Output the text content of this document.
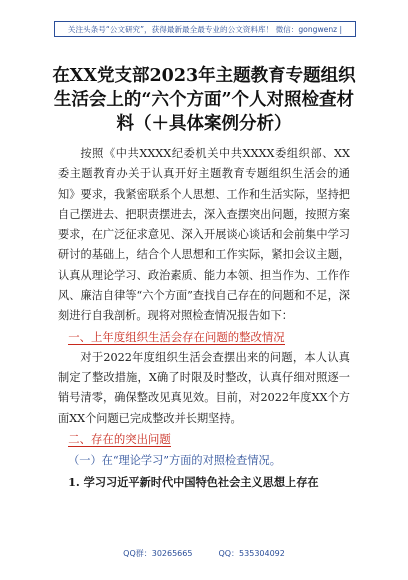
关注头条号“公文研究”，获得最新最全最专业的公文资料库！ 微信：gongwenz |
在XX党支部2023年主题教育专题组织生活会上的“六个方面”个人对照检查材料（＋具体案例分析）

按照《中共XXXX纪委机关中共XXXX委组织部、XX委主题教育办关于认真开好主题教育专题组织生活会的通知》要求，我紧密联系个人思想、工作和生活实际，坚持把自己摆进去、把职责摆进去，深入查摆突出问题，按照方案要求，在广泛征求意见、深入开展谈心谈话和会前集中学习研讨的基础上，结合个人思想和工作实际，紧扣会议主题，认真从理论学习、政治素质、能力本领、担当作为、工作作风、廉洁自律等“六个方面”查找自己存在的问题和不足，深刻进行自我剖析。现将对照检查情况报告如下：

一、上年度组织生活会存在问题的整改情况

对于2022年度组织生活会查摆出来的问题，本人认真制定了整改措施，X确了时限及时整改，认真仔细对照逐一销号清零，确保整改见真见效。目前，对2022年度XX个方面XX个问题已完成整改并长期坚持。

二、存在的突出问题

（一）在“理论学习”方面的对照检查情况。

1. 学习习近平新时代中国特色社会主义思想上存在

QQ群：30265665	QQ：535304092
